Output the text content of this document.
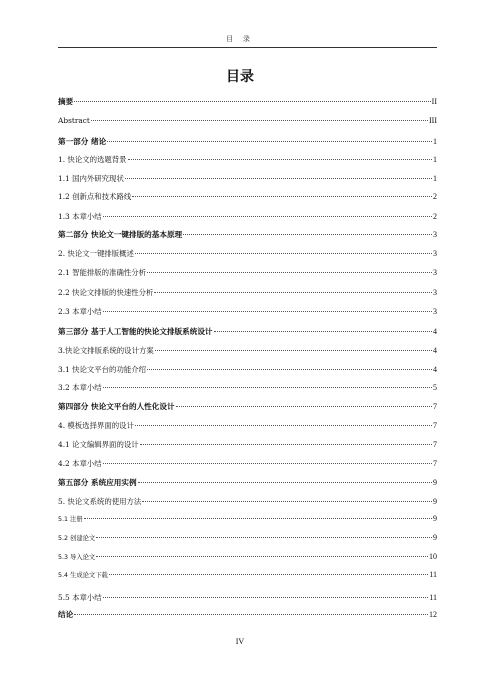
目 录
目录
摘要	II
Abstract	III
第一部分 绪论	1
1. 快论文的选题背景	1
1.1 国内外研究现状	1
1.2 创新点和技术路线	2
1.3 本章小结	2
第二部分 快论文一键排版的基本原理	3
2. 快论文一键排版概述	3
2.1 智能排版的准确性分析	3
2.2 快论文排版的快速性分析	3
2.3 本章小结	3
第三部分 基于人工智能的快论文排版系统设计	4
3.快论文排版系统的设计方案	4
3.1 快论文平台的功能介绍	4
3.2 本章小结	5
第四部分 快论文平台的人性化设计	7
4. 模板选择界面的设计	7
4.1 论文编辑界面的设计	7
4.2 本章小结	7
第五部分 系统应用实例	9
5. 快论文系统的使用方法	9
5.1 注册	9
5.2 创建论文	9
5.3 导入论文	10
5.4 生成论文下载	11
5.5 本章小结	11
结论	12
IV
